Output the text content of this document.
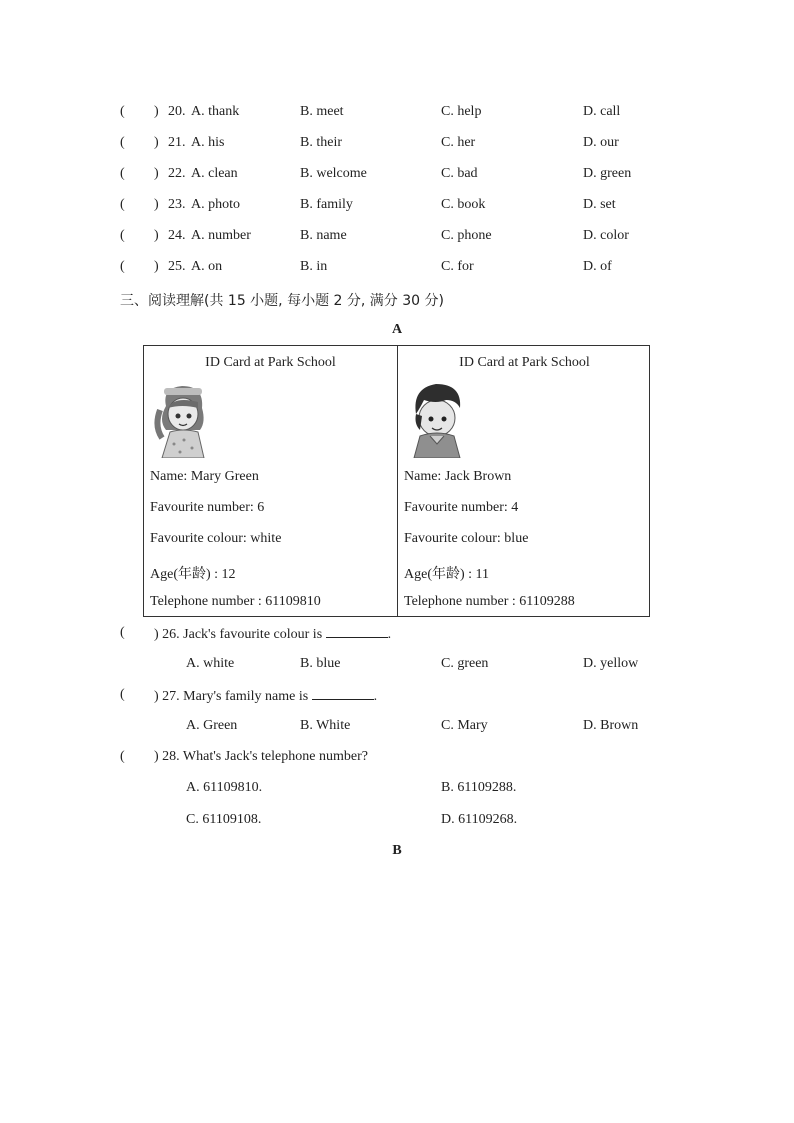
( ) 20. A. thank	B. meet	C. help	D. call
( ) 21. A. his	B. their	C. her	D. our
( ) 22. A. clean	B. welcome	C. bad	D. green
( ) 23. A. photo	B. family	C. book	D. set
( ) 24. A. number	B. name	C. phone	D. color
( ) 25. A. on	B. in	C. for	D. of
三、阅读理解(共 15 小题, 每小题 2 分, 满分 30 分)
A
ID Card at Park School
Name: Mary Green
Favourite number: 6
Favourite colour: white
Age(年龄) : 12
Telephone number : 61109810
ID Card at Park School
Name: Jack Brown
Favourite number: 4
Favourite colour: blue
Age(年龄) : 11
Telephone number : 61109288
( ) 26. Jack's favourite colour is	.
A. white	B. blue	C. green	D. yellow
( ) 27. Mary's family name is	.
A. Green	B. White	C. Mary	D. Brown
( ) 28. What's Jack's telephone number?
A. 61109810.	B. 61109288.
C. 61109108.	D. 61109268.
B
